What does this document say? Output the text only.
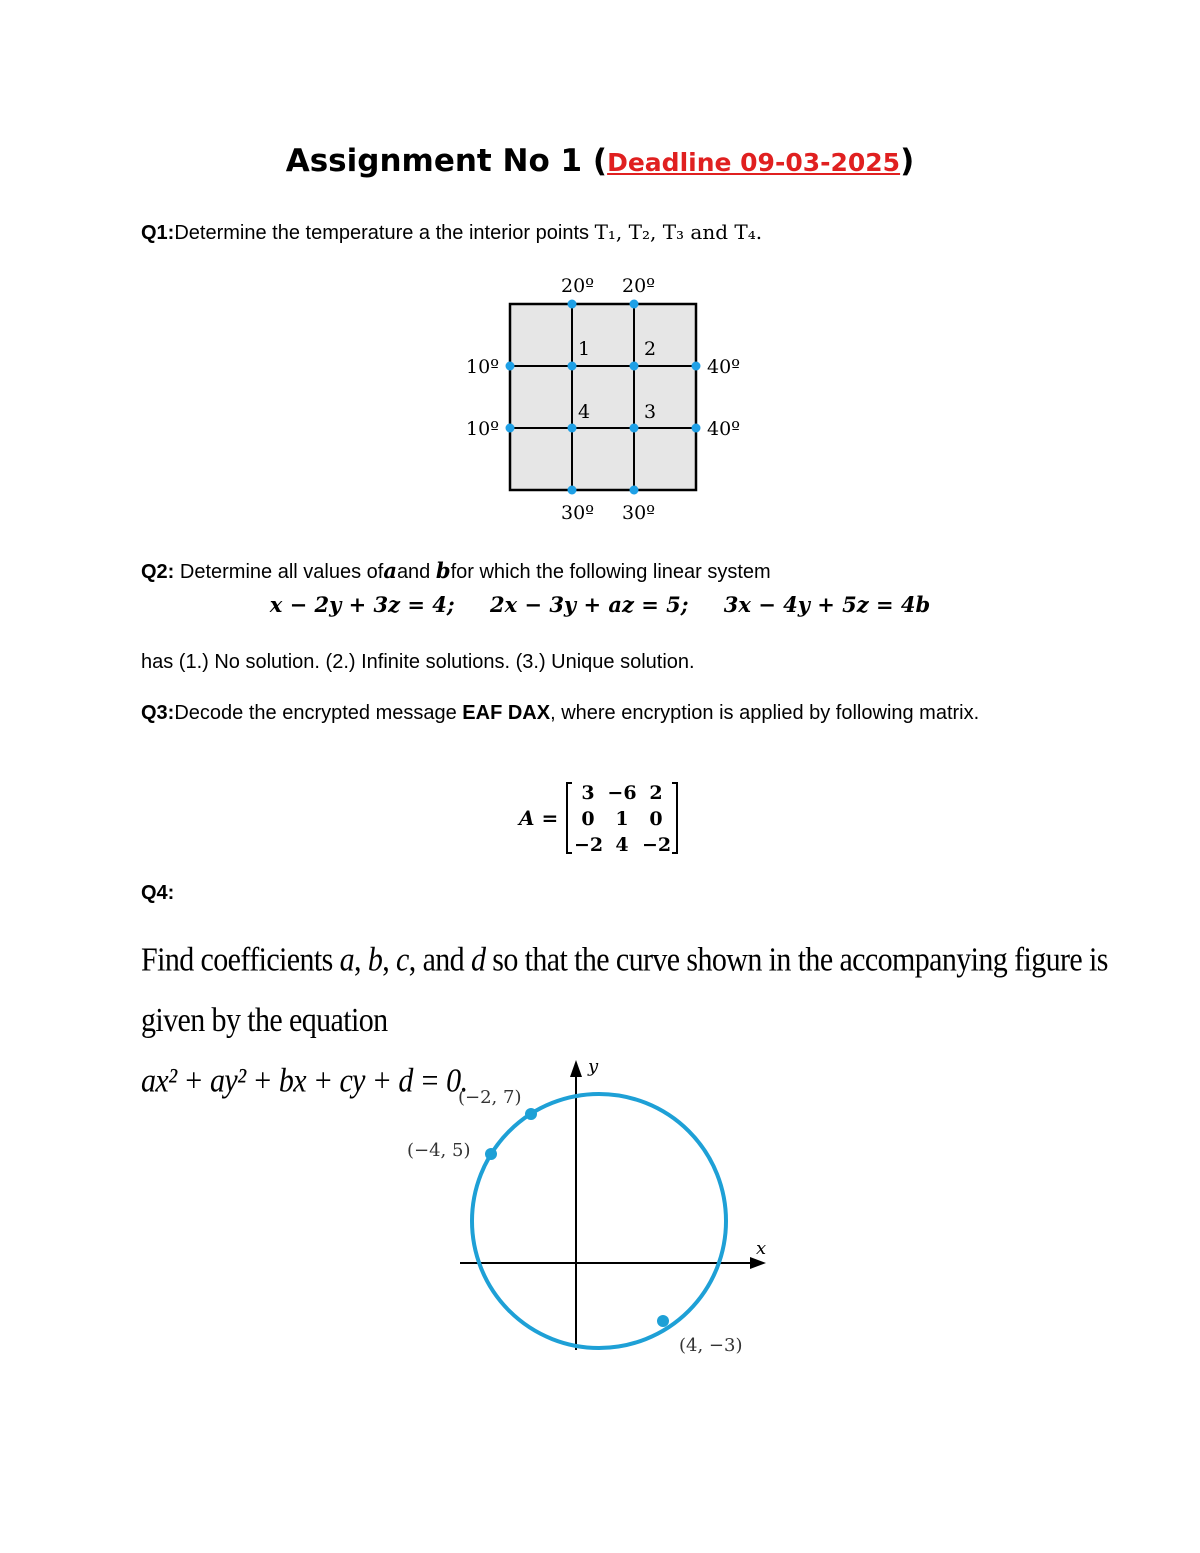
Assignment No 1 (Deadline 09-03-2025)
Q1:Determine the temperature a the interior points T₁, T₂, T₃ and T₄.
20º 20º
10º
10º
40º
40º
30º 30º
1	2
4	3
Q2: Determine all values ofaand bfor which the following linear system
x − 2y + 3z = 4; 2x − 3y + az = 5; 3x − 4y + 5z = 4b
has (1.) No solution. (2.) Infinite solutions. (3.) Unique solution.
Q3:Decode the encrypted message EAF DAX, where encryption is applied by following matrix.
A =
3 −6 2
0	1	0
−2 4 −2
Q4:
Find coefficients a, b, c, and d so that the curve shown in the accompanying figure is given by the equation
ax² + ay² + bx + cy + d = 0.
x
y
(−2, 7)
(−4, 5)
(4, −3)
